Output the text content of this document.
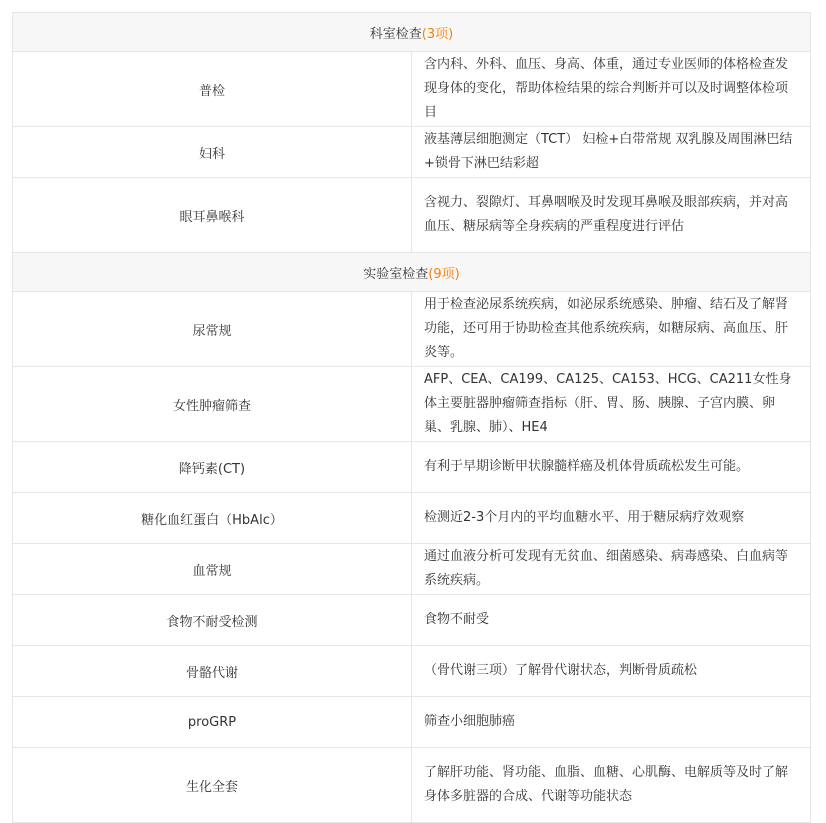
科室检查(3项)	
普检	含内科、外科、血压、身高、体重，通过专业医师的体格检查发现身体的变化，帮助体检结果的综合判断并可以及时调整体检项目
妇科	液基薄层细胞测定（TCT） 妇检+白带常规 双乳腺及周围淋巴结+锁骨下淋巴结彩超
眼耳鼻喉科	含视力、裂隙灯、耳鼻咽喉及时发现耳鼻喉及眼部疾病，并对高血压、糖尿病等全身疾病的严重程度进行评估
实验室检查(9项)	
尿常规	用于检查泌尿系统疾病，如泌尿系统感染、肿瘤、结石及了解肾功能，还可用于协助检查其他系统疾病，如糖尿病、高血压、肝炎等。
女性肿瘤筛查	AFP、CEA、CA199、CA125、CA153、HCG、CA211女性身体主要脏器肿瘤筛查指标（肝、胃、肠、胰腺、子宫内膜、卵巢、乳腺、肺）、HE4
降钙素(CT)	有利于早期诊断甲状腺髓样癌及机体骨质疏松发生可能。
糖化血红蛋白（HbAlc）	检测近2-3个月内的平均血糖水平、用于糖尿病疗效观察
血常规	通过血液分析可发现有无贫血、细菌感染、病毒感染、白血病等系统疾病。
食物不耐受检测	食物不耐受
骨骼代谢	（骨代谢三项）了解骨代谢状态，判断骨质疏松
proGRP	筛查小细胞肺癌
生化全套	了解肝功能、肾功能、血脂、血糖、心肌酶、电解质等及时了解身体多脏器的合成、代谢等功能状态
